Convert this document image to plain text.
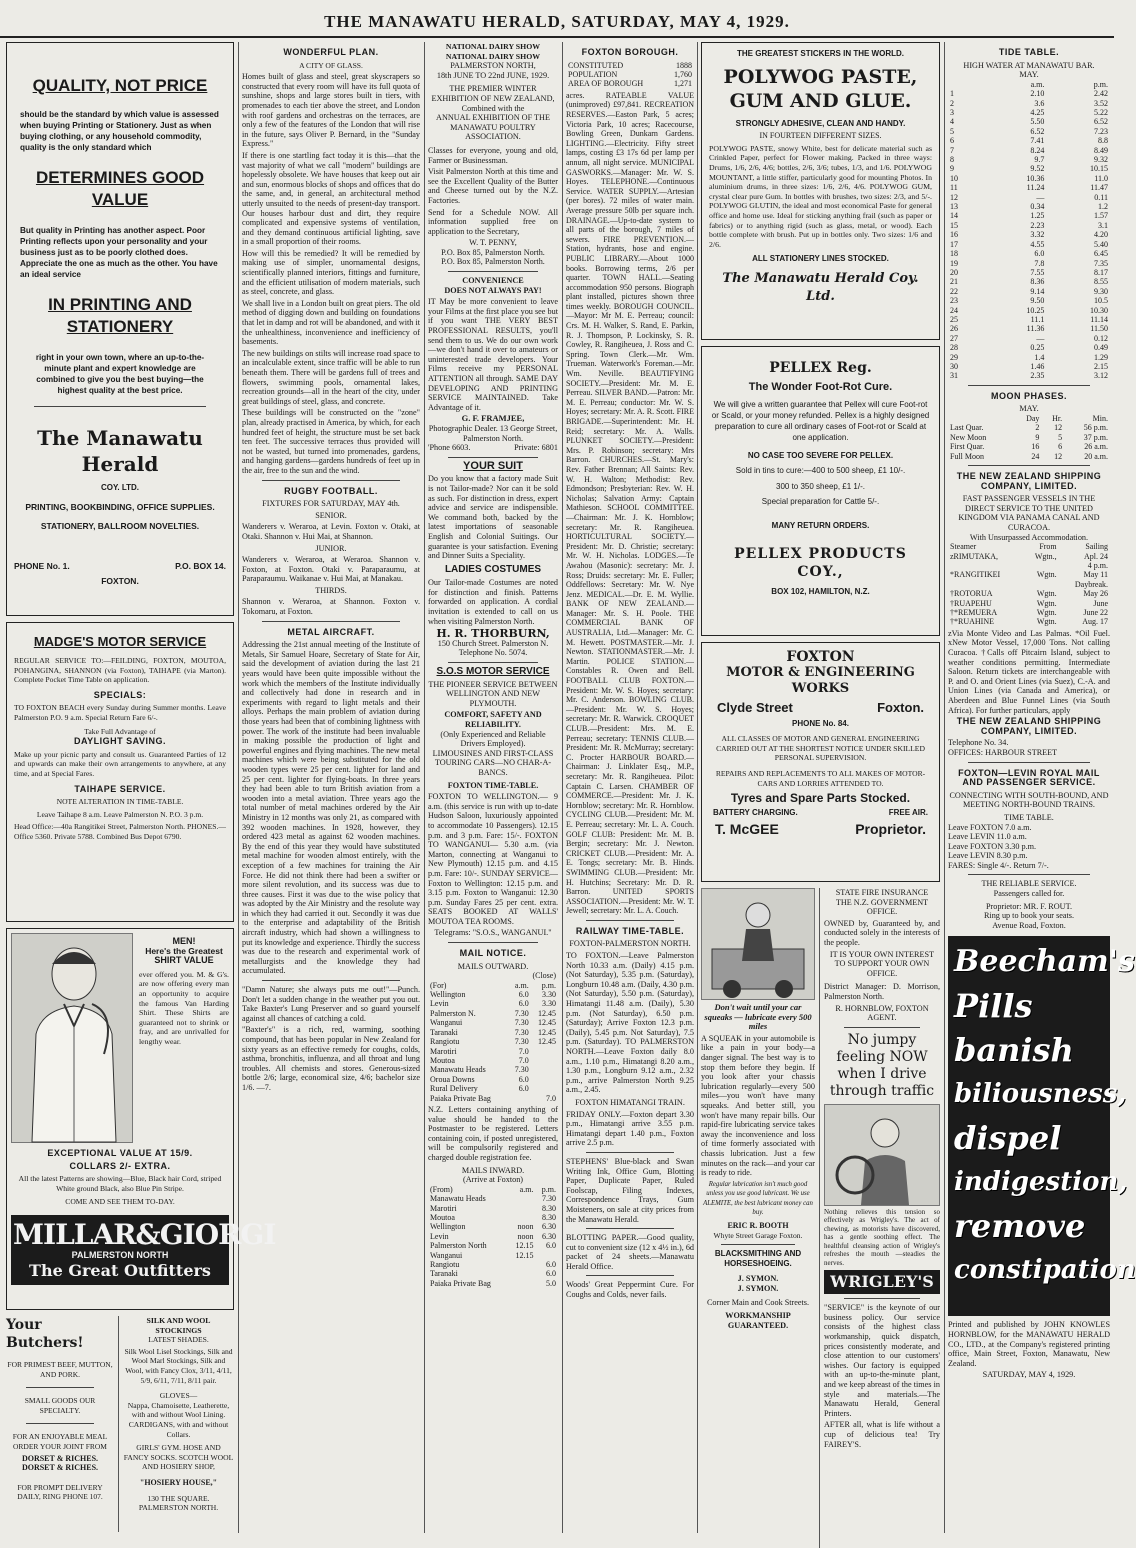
THE MANAWATU HERALD, SATURDAY, MAY 4, 1929.
QUALITY, NOT PRICE
should be the standard by which value is assessed when buying Printing or Stationery. Just as when buying clothing, or any household commodity, quality is the only standard which
DETERMINES GOOD VALUE
But quality in Printing has another aspect. Poor Printing reflects upon your personality and your business just as to be poorly clothed does. Appreciate the one as much as the other. You have an ideal service
IN PRINTING AND STATIONERY
right in your own town, where an up-to-the-minute plant and expert knowledge are combined to give you the best buying—the highest quality at the best price.
The Manawatu Herald
COY. LTD.
PRINTING, BOOKBINDING, OFFICE SUPPLIES.
STATIONERY, BALLROOM NOVELTIES.
PHONE No. 1.	P.O. BOX 14.
FOXTON.
MADGE'S MOTOR SERVICE
REGULAR SERVICE TO:—FEILDING, FOXTON, MOUTOA, POHANGINA, SHANNON (via Foxton), TAIHAPE (via Marton). Complete Pocket Time Table on application.
SPECIALS:
TO FOXTON BEACH every Sunday during Summer months. Leave Palmerston P.O. 9 a.m. Special Return Fare 6/-.
Take Full Advantage of
DAYLIGHT SAVING.
Make up your picnic party and consult us. Guaranteed Parties of 12 and upwards can make their own arrangements to anywhere, at any time, and at Special Fares.
TAIHAPE SERVICE.
NOTE ALTERATION IN TIME-TABLE.
Leave Taihape 8 a.m. Leave Palmerston N. P.O. 3 p.m.
Head Office:—40a Rangitikei Street, Palmerston North. PHONES.—Office 5360. Private 5788. Combined Bus Depot 6790.
MEN!
Here's the Greatest
SHIRT VALUE
ever offered you. M. & G's. are now offering every man an opportunity to acquire the famous Van Harding Shirt. These Shirts are guaranteed not to shrink or fray, and are unrivalled for lengthy wear.
EXCEPTIONAL VALUE AT 15/9.
COLLARS 2/- EXTRA.
All the latest Patterns are showing—Blue, Black hair Cord, striped White ground Black, also Blue Pin Stripe.
COME AND SEE THEM TO-DAY.
MILLAR&GIORGI
PALMERSTON NORTH
The Great Outfitters
Your Butchers!
FOR PRIMEST BEEF, MUTTON, AND PORK.
SMALL GOODS OUR SPECIALTY.
FOR AN ENJOYABLE MEAL ORDER YOUR JOINT FROM
DORSET & RICHES.
DORSET & RICHES.
FOR PROMPT DELIVERY DAILY, RING PHONE 107.
SILK AND WOOL STOCKINGS
LATEST SHADES.
Silk Wool Lisel Stockings, Silk and Wool Marl Stockings, Silk and Wool, with Fancy Clox, 3/11, 4/11, 5/9, 6/11, 7/11, 8/11 pair.
GLOVES—
Nappa, Chamoisette, Leatherette, with and without Wool Lining. CARDIGANS, with and without Collars.
GIRLS' GYM. HOSE AND FANCY SOCKS. SCOTCH WOOL AND HOSIERY SHOP,
"HOSIERY HOUSE,"
130 THE SQUARE. PALMERSTON NORTH.
WONDERFUL PLAN.
A CITY OF GLASS.
Homes built of glass and steel, great skyscrapers so constructed that every room will have its full quota of sunshine, shops and large stores built in tiers, with promenades to each tier above the street, and London with roof gardens and orchestras on the terraces, are only a few of the features of the London that will rise in the future, says Oliver P. Bernard, in the "Sunday Express."
If there is one startling fact today it is this—that the vast majority of what we call "modern" buildings are hopelessly obsolete. We have houses that keep out air and sun, enormous blocks of shops and offices that do the same, and, in general, an architectural method utterly unsuited to the needs of present-day transport. Our houses harbour dust and dirt, they require complicated and expensive systems of ventilation, and they demand continuous artificial lighting, save in a small proportion of their rooms.
How will this be remedied? It will be remedied by making use of simpler, unornamental designs, scientifically planned interiors, fittings and furniture, and the efficient utilisation of modern materials, such as steel, concrete, and glass.
We shall live in a London built on great piers. The old method of digging down and building on foundations that let in damp and rot will be abandoned, and with it the unhealthiness, inconvenience and inefficiency of basements.
The new buildings on stilts will increase road space to an incalculable extent, since traffic will be able to run beneath them. There will be gardens full of trees and flowers, swimming pools, ornamental lakes, recreation grounds—all in the heart of the city, under great buildings of steel, glass, and concrete.
These buildings will be constructed on the "zone" plan, already practised in America, by which, for each hundred feet of height, the structure must be set back ten feet. The successive terraces thus provided will not be wasted, but turned into promenades, gardens, and hanging gardens—gardens hundreds of feet up in the air, free to the sun and the wind.
RUGBY FOOTBALL.
FIXTURES FOR SATURDAY, MAY 4th.
SENIOR.
Wanderers v. Weraroa, at Levin. Foxton v. Otaki, at Otaki. Shannon v. Hui Mai, at Shannon.
JUNIOR.
Wanderers v. Weraroa, at Weraroa. Shannon v. Foxton, at Foxton. Otaki v. Paraparaumu, at Paraparaumu. Waikanae v. Hui Mai, at Manakau.
THIRDS.
Shannon v. Weraroa, at Shannon. Foxton v. Tokomaru, at Foxton.
METAL AIRCRAFT.
Addressing the 21st annual meeting of the Institute of Metals, Sir Samuel Hoare, Secretary of State for Air, said the development of aviation during the last 21 years would have been quite impossible without the work which the members of the Institute individually and collectively had done in research and in experiments with regard to light metals and their alloys. Perhaps the main problem of aviation during those years had been that of combining lightness with power. The work of the institute had been invaluable in making possible the production of light and powerful engines and flying machines. The new metal machines which were being substituted for the old wooden types were 25 per cent. lighter for land and 25 per cent. lighter for flying-boats. In three years they had been able to turn British aviation from a wooden into a metal aviation. Three years ago the total number of metal machines ordered by the Air Ministry in 12 months was only 21, as compared with 392 wooden machines. In 1928, however, they ordered 423 metal as against 62 wooden machines. By the end of this year they would have substituted metal machine for wooden almost entirely, with the exception of a few machines for training the Air Force. He did not think there had been a swifter or more silent revolution, and its success was due to three causes. First it was due to the wise policy that was adopted by the Air Ministry and the resolute way in which they had carried it out. Secondly it was due to the enterprise and adaptability of the British aircraft industry, which had shown a willingness to put its knowledge and experience. Thirdly the success was due to the research and experimental work of metallurgists and the knowledge they had accumulated.
"Damn Nature; she always puts me out!"—Punch. Don't let a sudden change in the weather put you out. Take Baxter's Lung Preserver and so guard yourself against all chances of catching a cold.
"Baxter's" is a rich, red, warming, soothing compound, that has been popular in New Zealand for sixty years as an effective remedy for coughs, colds, asthma, bronchitis, influenza, and all throat and lung troubles. All chemists and stores. Generous-sized bottle 2/6; large, economical size, 4/6; bachelor size 1/6. —7.
NATIONAL DAIRY SHOW
NATIONAL DAIRY SHOW
PALMERSTON NORTH,
18th JUNE TO 22nd JUNE, 1929.
THE PREMIER WINTER EXHIBITION OF NEW ZEALAND,
Combined with the
ANNUAL EXHIBITION OF THE MANAWATU POULTRY ASSOCIATION.
Classes for everyone, young and old, Farmer or Businessman.
Visit Palmerston North at this time and see the Excellent Quality of the Butter and Cheese turned out by the N.Z. Factories.
Send for a Schedule NOW. All information supplied free on application to the Secretary,
W. T. PENNY,
P.O. Box 85, Palmerston North.
P.O. Box 85, Palmerston North.
CONVENIENCE
DOES NOT ALWAYS PAY!
IT May be more convenient to leave your Films at the first place you see but if you want THE VERY BEST PROFESSIONAL RESULTS, you'll send them to us. We do our own work—we don't hand it over to amateurs or uninterested trade developers. Your Films receive my PERSONAL ATTENTION all through. SAME DAY DEVELOPING AND PRINTING SERVICE MAINTAINED. Take Advantage of it.
G. F. FRAMJEE,
Photographic Dealer. 13 George Street, Palmerston North.
'Phone 6603.	Private: 6801
YOUR SUIT
Do you know that a factory made Suit is not Tailor-made? Nor can it be sold as such. For distinction in dress, expert advice and service are indispensible. We command both, backed by the latest importations of seasonable English and Colonial Suitings. Our guarantee is your satisfaction. Evening and Dinner Suits a Speciality.
LADIES COSTUMES
Our Tailor-made Costumes are noted for distinction and finish. Patterns forwarded on application. A cordial invitation is extended to call on us when visiting Palmerston North.
H. R. THORBURN,
150 Church Street. Palmerston N. Telephone No. 5074.
S.O.S MOTOR SERVICE
THE PIONEER SERVICE BETWEEN WELLINGTON AND NEW PLYMOUTH.
COMFORT, SAFETY AND RELIABILITY.
(Only Experienced and Reliable Drivers Employed).
LIMOUSINES AND FIRST-CLASS TOURING CARS—NO CHAR-A-BANCS.
FOXTON TIME-TABLE.
FOXTON TO WELLINGTON.— 9 a.m. (this service is run with up to-date Hudson Saloon, luxuriously appointed to accommodate 10 Passengers). 12.15 p.m. and 3 p.m. Fare: 15/-. FOXTON TO WANGANUI— 5.30 a.m. (via Marton, connecting at Wanganui to New Plymouth) 12.15 p.m. and 4.15 p.m. Fare: 10/-. SUNDAY SERVICE— Foxton to Wellington: 12.15 p.m. and 3.15 p.m. Foxton to Wanganui: 12.30 p.m. Sunday Fares 25 per cent. extra. SEATS BOOKED AT WALLS' MOUTOA TEA ROOMS.
Telegrams: "S.O.S., WANGANUI."
MAIL NOTICE.
MAILS OUTWARD.
	(Close)	
(For)	a.m.	p.m.
Wellington	6.0	3.30
Levin	6.0	3.30
Palmerston N.	7.30	12.45
Wanganui	7.30	12.45
Taranaki	7.30	12.45
Rangiotu	7.30	12.45
Marotiri	7.0	
Moutoa	7.0	
Manawatu Heads	7.30	
Oroua Downs	6.0	
Rural Delivery	6.0	
Paiaka Private Bag		7.0
N.Z. Letters containing anything of value should be handed to the Postmaster to be registered. Letters containing coin, if posted unregistered, will be compulsorily registered and charged double registration fee.
MAILS INWARD.
(Arrive at Foxton)
(From)	a.m.	p.m.
Manawatu Heads		7.30
Marotiri		8.30
Moutoa		8.30
Wellington	noon	6.30
Levin	noon	6.30
Palmerston North	12.15	6.0
Wanganui	12.15	
Rangiotu		6.0
Taranaki		6.0
Paiaka Private Bag		5.0
FOXTON BOROUGH.
CONSTITUTED	1888
POPULATION	1,760
AREA OF BOROUGH	1,271
acres. RATEABLE VALUE (unimproved) £97,841. RECREATION RESERVES.—Easton Park, 5 acres; Victoria Park, 10 acres; Racecourse, Bowling Green, Dunkarn Gardens. LIGHTING.—Electricity. Fifty street lamps, costing £3 17s 6d per lamp per annum, all night service. MUNICIPAL GASWORKS.—Manager: Mr. W. S. Hoyes. TELEPHONE.—Continuous Service. WATER SUPPLY.—Artesian (per bores). 72 miles of water main. Average pressure 50lb per square inch. DRAINAGE.—Up-to-date system to all parts of the borough, 7 miles of sewers. FIRE PREVENTION.—Station, hydrants, hose and engine. PUBLIC LIBRARY.—About 1000 books. Borrowing terms, 2/6 per quarter. TOWN HALL.—Seating accommodation 950 persons. Biograph plant installed, pictures shown three times weekly. BOROUGH COUNCIL.—Mayor: Mr M. E. Perreau; council: Crs. M. H. Walker, S. Rand, E. Parkin, R. J. Thompson, P. Lockinsky, S. R. Cowley, R. Rangiheuea, J. Ross and C. Spring. Town Clerk.—Mr. Wm. Trueman. Waterwork's Foreman.—Mr. Wm. Neville. BEAUTIFYING SOCIETY.—President: Mr. M. E. Perreau. SILVER BAND.—Patron: Mr. M. E. Perreau; conductor: Mr. W. S. Hoyes; secretary: Mr. A. R. Scott. FIRE BRIGADE.—Superintendent: Mr. H. Reid; secretary: Mr. A. Walls. PLUNKET SOCIETY.—President: Mrs. P. Robinson; secretary: Mrs Barron. CHURCHES.—St. Mary's: Rev. Father Brennan; All Saints: Rev. W. H. Walton; Methodist: Rev. Edmondson; Presbyterian: Rev. W. H. Nicholas; Salvation Army: Captain Mathieson. SCHOOL COMMITTEE.—Chairman: Mr. J. K. Hornblow; secretary: Mr. R. Rangiheuea. HORTICULTURAL SOCIETY.—President: Mr. D. Christie; secretary: Mr. W. H. Nicholas. LODGES.—Te Awahou (Masonic): secretary: Mr. J. Ross; Druids: secretary: Mr. E. Fuller; Oddfellows: Secretary: Mr. W. Nye Jenz. MEDICAL.—Dr. E. M. Wyllie. BANK OF NEW ZEALAND.—Manager: Mr. S. H. Poole. THE COMMERCIAL BANK OF AUSTRALIA, Ltd.—Manager: Mr. C. M. Hewett. POSTMASTER.—Mr. J. Newton. STATIONMASTER.—Mr. J. Martin. POLICE STATION.—Constables R. Owen and Bell. FOOTBALL CLUB FOXTON.—President: Mr. W. S. Hoyes; secretary: Mr. C. Anderson. BOWLING CLUB.—President: Mr. W. S. Hoyes; secretary: Mr. R. Warwick. CROQUET CLUB.—President: Mrs. M. E. Perreau; secretary: TENNIS CLUB.—President: Mr. R. McMurray; secretary: C. Procter HARBOUR BOARD.—Chairman: J. Linklater Esq., M.P., secretary: Mr. R. Rangiheuea. Pilot: Captain C. Larsen. CHAMBER OF COMMERCE.—President: Mr. J. K. Hornblow; secretary: Mr. R. Hornblow. CYCLING CLUB.—President: Mr. M. E. Perreau; secretary: Mr. L. A. Couch. GOLF CLUB: President: Mr. M. B. Bergin; secretary: Mr. J. Newton. CRICKET CLUB.—President: Mr. A. E. Tongs; secretary: Mr. B. Hinds. SWIMMING CLUB.—President: Mr. H. Hutchins; Secretary: Mr. D. R. Barron. UNITED SPORTS ASSOCIATION.—President: Mr. W. T. Jewell; secretary: Mr. L. A. Couch.
RAILWAY TIME-TABLE.
FOXTON-PALMERSTON NORTH.
TO FOXTON.—Leave Palmerston North 10.33 a.m. (Daily) 4.15 p.m. (Not Saturday), 5.35 p.m. (Saturday), Longburn 10.48 a.m. (Daily, 4.30 p.m. (Not Saturday), 5.50 p.m. (Saturday), Himatangi 11.48 a.m. (Daily), 5.30 p.m. (Not Saturday), 6.50 p.m. (Saturday); Arrive Foxton 12.3 p.m. (Daily), 5.45 p.m. Not Saturday), 7.5 p.m. (Saturday). TO PALMERSTON NORTH.—Leave Foxton daily 8.0 a.m., 1.10 p.m., Himatangi 8.20 a.m., 1.30 p.m., Longburn 9.12 a.m., 2.32 p.m., arrive Palmerston North 9.25 a.m., 2.45.
FOXTON HIMATANGI TRAIN.
FRIDAY ONLY.—Foxton depart 3.30 p.m., Himatangi arrive 3.55 p.m. Himatangi depart 1.40 p.m., Foxton arrive 2.5 p.m.
STEPHENS' Blue-black and Swan Writing Ink, Office Gum, Blotting Paper, Duplicate Paper, Ruled Foolscap, Filing Indexes, Correspondence Trays, Gum Moisteners, on sale at city prices from the Manawatu Herald.
BLOTTING PAPER.—Good quality, cut to convenient size (12 x 4½ in.), 6d packet of 24 sheets.—Manawatu Herald Office.
Woods' Great Peppermint Cure. For Coughs and Colds, never fails.
THE GREATEST STICKERS IN THE WORLD.
POLYWOG PASTE, GUM AND GLUE.
STRONGLY ADHESIVE, CLEAN AND HANDY.
IN FOURTEEN DIFFERENT SIZES.
POLYWOG PASTE, snowy White, best for delicate material such as Crinkled Paper, perfect for Flower making. Packed in three ways: Drums, 1/6, 2/6, 4/6; bottles, 2/6, 3/6; tubes, 1/3, and 1/6. POLYWOG MOUNTANT, a little stiffer, particularly good for mounting Photos. In aluminium drums, in three sizes: 1/6, 2/6, 4/6. POLYWOG GUM, crystal clear pure Gum. In bottles with brushes, two sizes: 2/3, and 5/-. POLYWOG GLUTIN, the ideal and most economical Paste for general office and home use. Ideal for sticking anything frail (such as paper or fabrics) or to anything rigid (such as glass, metal, or wood). Each bottle complete with brush. Put up in bottles only. Two sizes: 1/6 and 2/6.
ALL STATIONERY LINES STOCKED.
The Manawatu Herald Coy. Ltd.
PELLEX Reg.
The Wonder Foot-Rot Cure.
We will give a written guarantee that Pellex will cure Foot-rot or Scald, or your money refunded. Pellex is a highly designed preparation to cure all ordinary cases of Foot-rot or Scald at one application.
NO CASE TOO SEVERE FOR PELLEX.
Sold in tins to cure:—400 to 500 sheep, £1 10/-.
300 to 350 sheep, £1 1/-.
Special preparation for Cattle 5/-.
MANY RETURN ORDERS.
PELLEX PRODUCTS COY.,
BOX 102, HAMILTON, N.Z.
FOXTON
MOTOR & ENGINEERING WORKS
Clyde Street	Foxton.
PHONE No. 84.
ALL CLASSES OF MOTOR AND GENERAL ENGINEERING CARRIED OUT AT THE SHORTEST NOTICE UNDER SKILLED PERSONAL SUPERVISION.
REPAIRS AND REPLACEMENTS TO ALL MAKES OF MOTOR-CARS AND LORRIES ATTENDED TO.
Tyres and Spare Parts Stocked.
BATTERY CHARGING.	FREE AIR.
T. McGEE	Proprietor.
Don't wait until your car squeaks — lubricate every 500 miles
A SQUEAK in your automobile is like a pain in your body—a danger signal. The best way is to stop them before they begin. If you look after your chassis lubrication regularly—every 500 miles—you won't have many squeaks. And better still, you won't have many repair bills. Our rapid-fire lubricating service takes away the inconvenience and loss of time formerly associated with chassis lubrication. Just a few minutes on the rack—and your car is ready to ride.
Regular lubrication isn't much good unless you use good lubricant. We use ALEMITE, the best lubricant money can buy.
ERIC R. BOOTH
Whyte Street Garage Foxton.
BLACKSMITHING AND HORSESHOEING.
J. SYMON.
J. SYMON.
Corner Main and Cook Streets.
WORKMANSHIP GUARANTEED.
STATE FIRE INSURANCE
THE N.Z. GOVERNMENT OFFICE.
OWNED by, Guaranteed by, and conducted solely in the interests of the people.
IT IS YOUR OWN INTEREST TO SUPPORT YOUR OWN OFFICE.
District Manager: D. Morrison, Palmerston North.
R. HORNBLOW, FOXTON AGENT.
No jumpy feeling NOW when I drive through traffic
Nothing relieves this tension so effectively as Wrigley's. The act of chewing, as motorists have discovered, has a gentle soothing effect. The healthful cleansing action of Wrigley's refreshes the mouth —steadies the nerves.
WRIGLEY'S
"SERVICE" is the keynote of our business policy. Our service consists of the highest class workmanship, quick dispatch, prices consistently moderate, and close attention to our customers' wishes. Our factory is equipped with an up-to-the-minute plant, and we keep abreast of the times in style and materials.—The Manawatu Herald, General Printers.
AFTER all, what is life without a cup of delicious tea! Try FAIREY'S.
TIDE TABLE.
HIGH WATER AT MANAWATU BAR.
MAY.
	a.m.	p.m.
1	2.10	2.42
2	3.6	3.52
3	4.25	5.22
4	5.50	6.52
5	6.52	7.23
6	7.41	8.8
7	8.24	8.49
8	9.7	9.32
9	9.52	10.15
10	10.36	11.0
11	11.24	11.47
12	—	0.11
13	0.34	1.2
14	1.25	1.57
15	2.23	3.1
16	3.32	4.20
17	4.55	5.40
18	6.0	6.45
19	7.8	7.35
20	7.55	8.17
21	8.36	8.55
22	9.14	9.30
23	9.50	10.5
24	10.25	10.30
25	11.1	11.14
26	11.36	11.50
27	—	0.12
28	0.25	0.49
29	1.4	1.29
30	1.46	2.15
31	2.35	3.12
MOON PHASES.
MAY.
	Day	Hr.	Min.
Last Quar.	2	12	56 p.m.
New Moon	9	5	37 p.m.
First Quar.	16	6	26 a.m.
Full Moon	24	12	20 a.m.
THE NEW ZEALAND SHIPPING COMPANY, LIMITED.
FAST PASSENGER VESSELS IN THE DIRECT SERVICE TO THE UNITED KINGDOM VIA PANAMA CANAL AND CURACOA.
With Unsurpassed Accommodation.
Steamer	From	Sailing
zRIMUTAKA,	Wgtn.,	Apl. 24
		4 p.m.
*RANGITIKEI	Wgtn.	May 11
		Daybreak.
†ROTORUA	Wgtn.	May 26
†RUAPEHU	Wgtn.	June
†*REMUERA	Wgtn.	June 22
†*RUAHINE	Wgtn.	Aug. 17
zVia Monte Video and Las Palmas. *Oil Fuel. xNew Motor Vessel, 17,000 Tons. Not calling Curacoa. †Calls off Pitcairn Island, subject to weather conditions permitting. Intermediate Saloon. Return tickets are interchangeable with P. and O. and Orient Lines (via Suez), C.-A. and Union Lines (via Canada and America), or Aberdeen and Blue Funnel Lines (via South Africa). For further particulars, apply
THE NEW ZEALAND SHIPPING COMPANY, LIMITED.
Telephone No. 34.
OFFICES: HARBOUR STREET
FOXTON—LEVIN ROYAL MAIL AND PASSENGER SERVICE.
CONNECTING WITH SOUTH-BOUND, AND MEETING NORTH-BOUND TRAINS.
TIME TABLE.
Leave FOXTON 7.0 a.m.
Leave LEVIN 11.0 a.m.
Leave FOXTON 3.30 p.m.
Leave LEVIN 8.30 p.m.
FARES: Single 4/-. Return 7/-.
THE RELIABLE SERVICE.
Passengers called for.
Proprietor: MR. F. ROUT.
Ring up to book your seats.
Avenue Road, Foxton.
Beecham's
Pills
banish
biliousness,
dispel
indigestion,
remove
constipation
Printed and published by JOHN KNOWLES HORNBLOW, for the MANAWATU HERALD CO., LTD., at the Company's registered printing office, Main Street, Foxton, Manawatu, New Zealand.
SATURDAY, MAY 4, 1929.
